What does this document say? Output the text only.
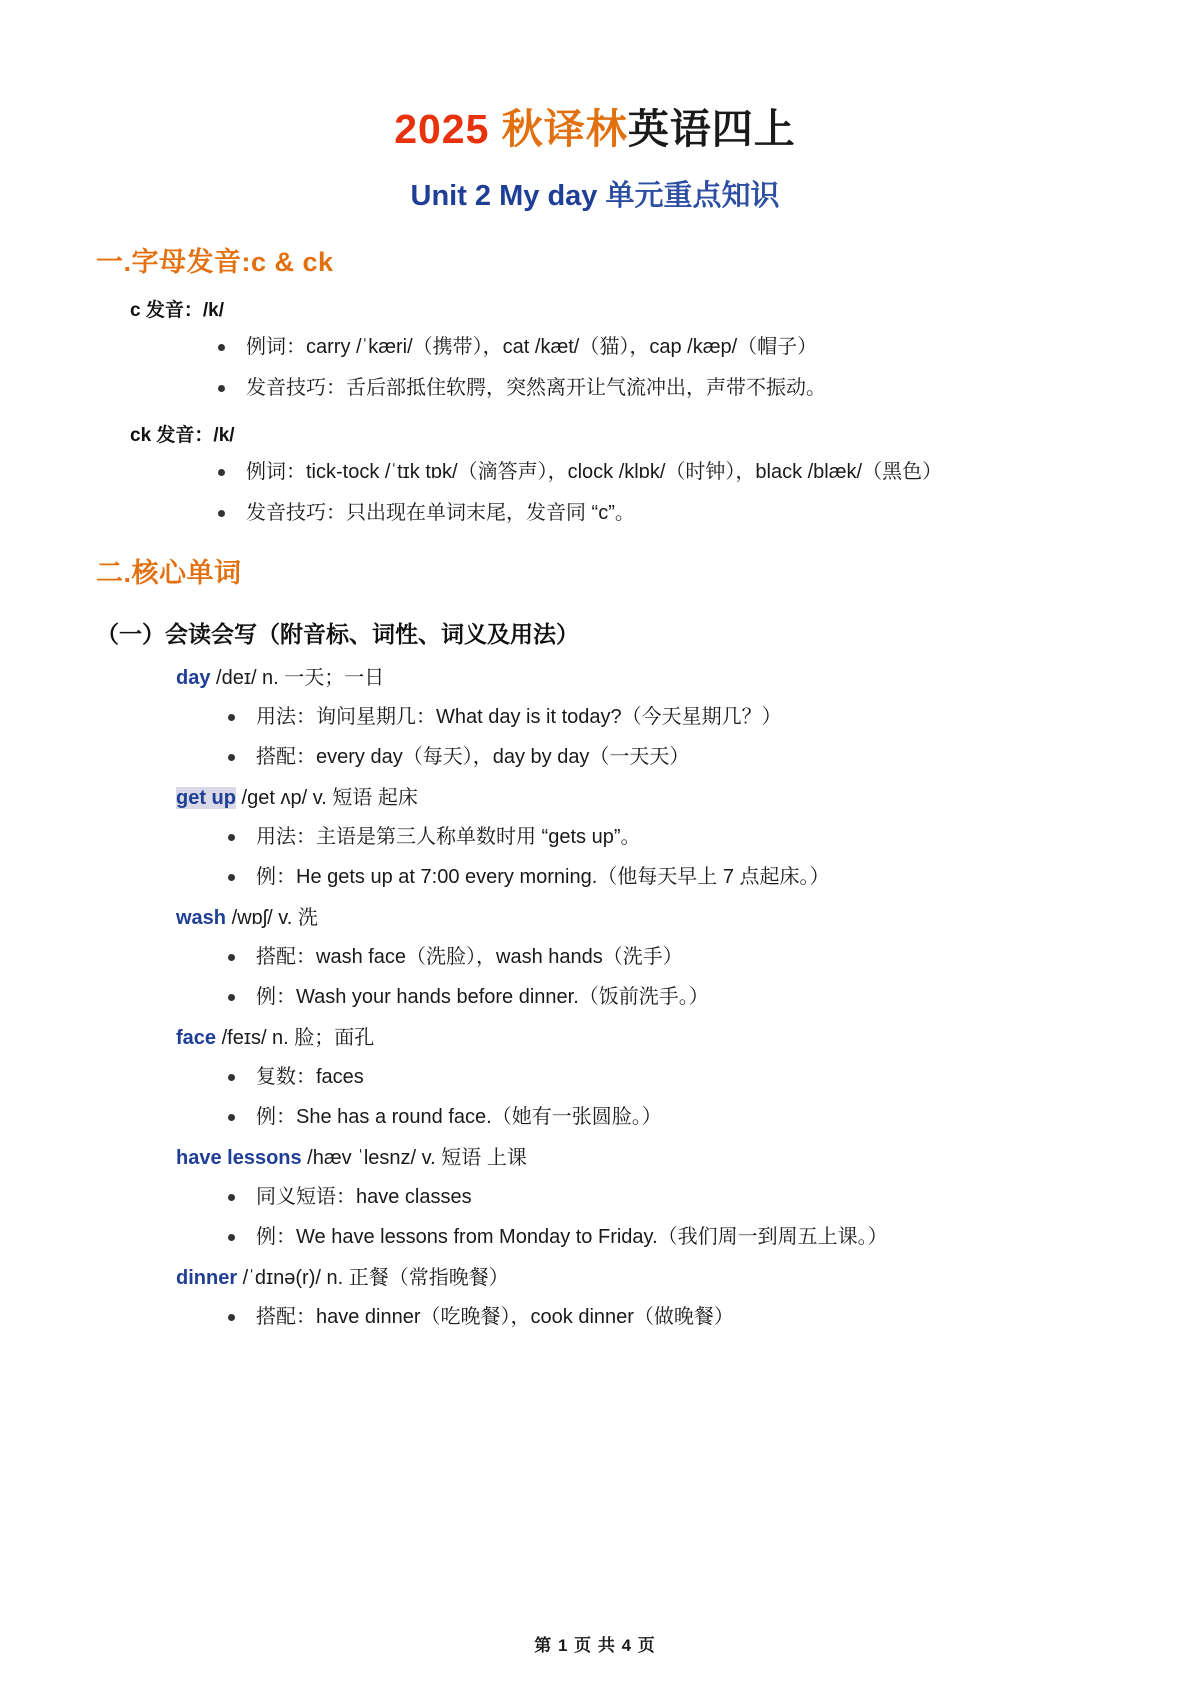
2025 秋译林英语四上
Unit 2 My day 单元重点知识
一.字母发音:c & ck
c 发音：/k/
例词：carry /ˈkæri/（携带），cat /kæt/（猫），cap /kæp/（帽子）
发音技巧：舌后部抵住软腭，突然离开让气流冲出，声带不振动。
ck 发音：/k/
例词：tick-tock /ˈtɪk tɒk/（滴答声），clock /klɒk/（时钟），black /blæk/（黑色）
发音技巧：只出现在单词末尾，发音同 “c”。
二.核心单词
（一）会读会写（附音标、词性、词义及用法）
day /deɪ/ n. 一天；一日
用法：询问星期几：What day is it today?（今天星期几？）
搭配：every day（每天），day by day（一天天）
get up /get ʌp/ v. 短语 起床
用法：主语是第三人称单数时用 “gets up”。
例：He gets up at 7:00 every morning.（他每天早上 7 点起床。）
wash /wɒʃ/ v. 洗
搭配：wash face（洗脸），wash hands（洗手）
例：Wash your hands before dinner.（饭前洗手。）
face /feɪs/ n. 脸；面孔
复数：faces
例：She has a round face.（她有一张圆脸。）
have lessons /hæv ˈlesnz/ v. 短语 上课
同义短语：have classes
例：We have lessons from Monday to Friday.（我们周一到周五上课。）
dinner /ˈdɪnə(r)/ n. 正餐（常指晚餐）
搭配：have dinner（吃晚餐），cook dinner（做晚餐）
第 1 页 共 4 页
